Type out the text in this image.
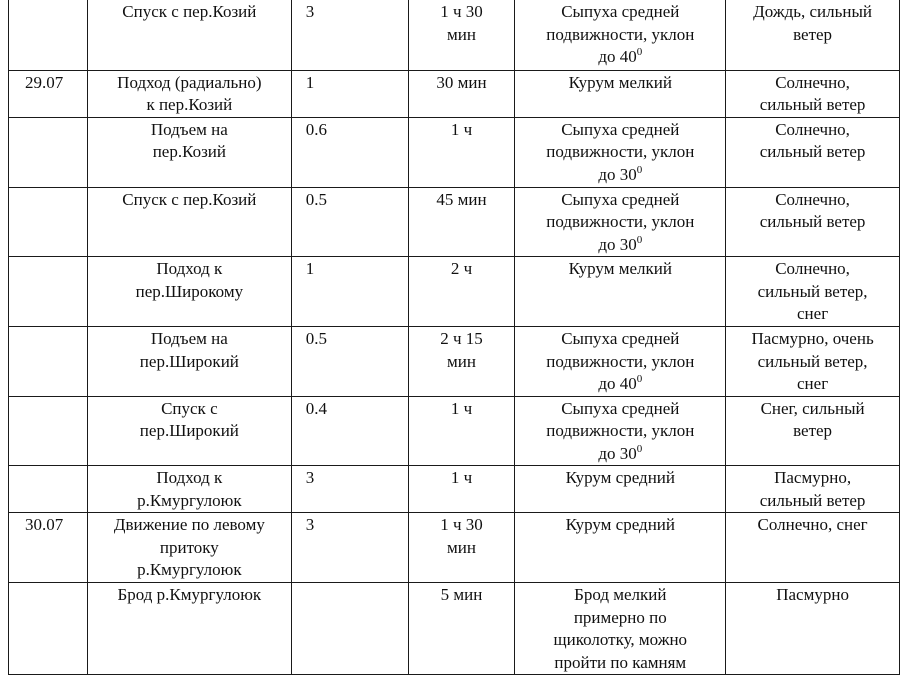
	Спуск с пер.Козий	3	1 ч 30
мин	Сыпуха средней
подвижности, уклон
до $40^0$	Дождь, сильный
ветер

29.07	Подход (радиально)
к пер.Козий	1	30 мин	Курум мелкий	Солнечно,
сильный ветер

	Подъем на
пер.Козий	0.6	1 ч	Сыпуха средней
подвижности, уклон
до $30^0$	Солнечно,
сильный ветер

	Спуск с пер.Козий	0.5	45 мин	Сыпуха средней
подвижности, уклон
до $30^0$	Солнечно,
сильный ветер

	Подход к
пер.Широкому	1	2 ч	Курум мелкий	Солнечно,
сильный ветер,
снег

	Подъем на
пер.Широкий	0.5	2 ч 15
мин	Сыпуха средней
подвижности, уклон
до $40^0$	Пасмурно, очень
сильный ветер,
снег

	Спуск с
пер.Широкий	0.4	1 ч	Сыпуха средней
подвижности, уклон
до $30^0$	Снег, сильный
ветер

	Подход к
р.Кмургулоюк	3	1 ч	Курум средний	Пасмурно,
сильный ветер

30.07	Движение по левому
притоку
р.Кмургулоюк	3	1 ч 30
мин	Курум средний	Солнечно, снег

	Брод р.Кмургулоюк		5 мин	Брод мелкий
примерно по
щиколотку, можно
пройти по камням	Пасмурно
